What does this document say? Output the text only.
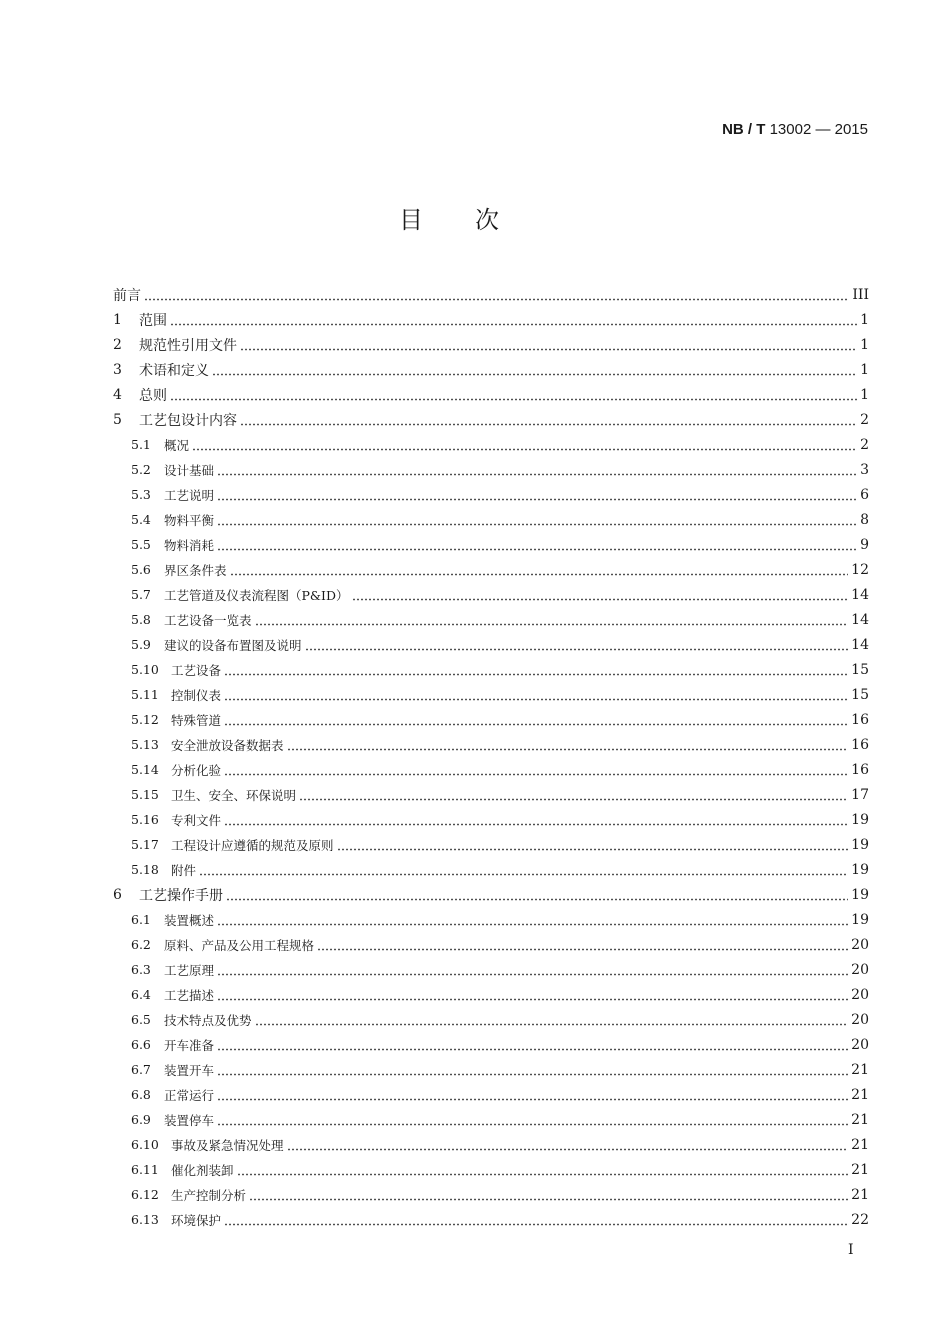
NB / T 13002 — 2015
目次
前言	III
1	范围	1
2	规范性引用文件	1
3	术语和定义	1
4	总则	1
5	工艺包设计内容	2
5.1	概况	2
5.2	设计基础	3
5.3	工艺说明	6
5.4	物料平衡	8
5.5	物料消耗	9
5.6	界区条件表	12
5.7	工艺管道及仪表流程图（P&ID）	14
5.8	工艺设备一览表	14
5.9	建议的设备布置图及说明	14
5.10 工艺设备	15
5.11 控制仪表	15
5.12 特殊管道	16
5.13 安全泄放设备数据表	16
5.14 分析化验	16
5.15 卫生、安全、环保说明	17
5.16 专利文件	19
5.17 工程设计应遵循的规范及原则	19
5.18 附件	19
6	工艺操作手册	19
6.1	装置概述	19
6.2	原料、产品及公用工程规格	20
6.3	工艺原理	20
6.4	工艺描述	20
6.5	技术特点及优势	20
6.6	开车准备	20
6.7	装置开车	21
6.8	正常运行	21
6.9	装置停车	21
6.10 事故及紧急情况处理	21
6.11 催化剂装卸	21
6.12 生产控制分析	21
6.13 环境保护	22
I
